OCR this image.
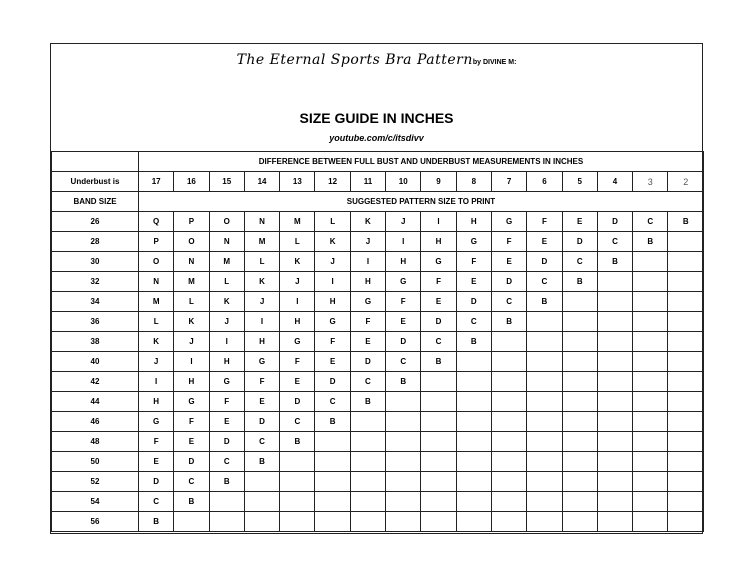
The Eternal Sports Bra Patternby DIVINE M:
SIZE GUIDE IN INCHES
youtube.com/c/itsdivv
	DIFFERENCE BETWEEN FULL BUST AND UNDERBUST MEASUREMENTS IN INCHES															
Underbust is	17	16	15	14	13	12	11	10	9	8	7	6	5	4	3	2
BAND SIZE	SUGGESTED PATTERN SIZE TO PRINT															
26	Q	P	O	N	M	L	K	J	I	H	G	F	E	D	C	B
28	P	O	N	M	L	K	J	I	H	G	F	E	D	C	B	
30	O	N	M	L	K	J	I	H	G	F	E	D	C	B		
32	N	M	L	K	J	I	H	G	F	E	D	C	B			
34	M	L	K	J	I	H	G	F	E	D	C	B				
36	L	K	J	I	H	G	F	E	D	C	B					
38	K	J	I	H	G	F	E	D	C	B						
40	J	I	H	G	F	E	D	C	B							
42	I	H	G	F	E	D	C	B								
44	H	G	F	E	D	C	B									
46	G	F	E	D	C	B										
48	F	E	D	C	B											
50	E	D	C	B												
52	D	C	B													
54	C	B														
56	B															
